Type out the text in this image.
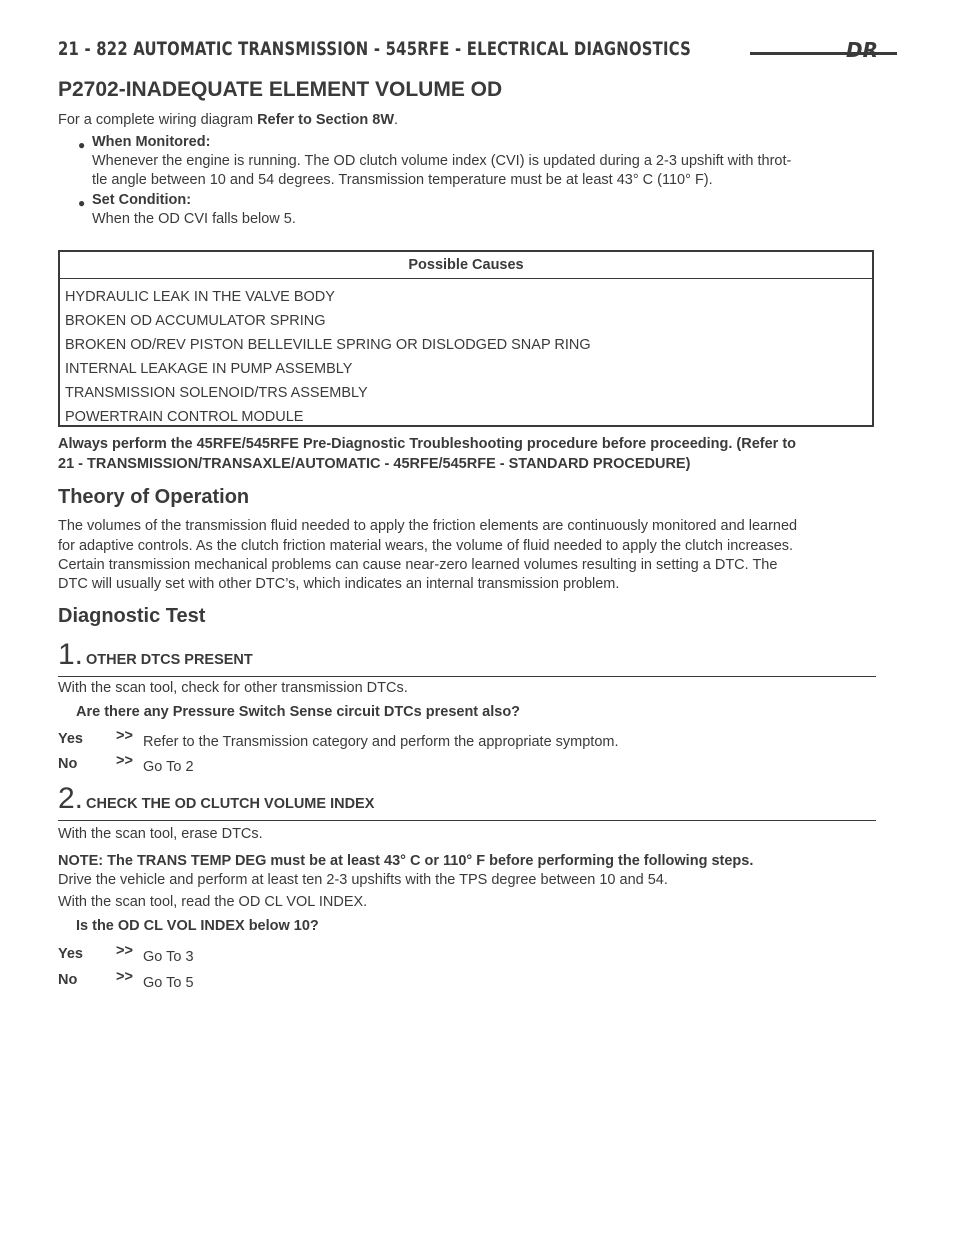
21 - 822 AUTOMATIC TRANSMISSION - 545RFE - ELECTRICAL DIAGNOSTICS	DR
P2702-INADEQUATE ELEMENT VOLUME OD
For a complete wiring diagram Refer to Section 8W.
● When Monitored:
Whenever the engine is running. The OD clutch volume index (CVI) is updated during a 2-3 upshift with throt-
tle angle between 10 and 54 degrees. Transmission temperature must be at least 43° C (110° F).
● Set Condition:
When the OD CVI falls below 5.
Possible Causes
HYDRAULIC LEAK IN THE VALVE BODY
BROKEN OD ACCUMULATOR SPRING
BROKEN OD/REV PISTON BELLEVILLE SPRING OR DISLODGED SNAP RING
INTERNAL LEAKAGE IN PUMP ASSEMBLY
TRANSMISSION SOLENOID/TRS ASSEMBLY
POWERTRAIN CONTROL MODULE
Always perform the 45RFE/545RFE Pre-Diagnostic Troubleshooting procedure before proceeding. (Refer to
21 - TRANSMISSION/TRANSAXLE/AUTOMATIC - 45RFE/545RFE - STANDARD PROCEDURE)
Theory of Operation
The volumes of the transmission fluid needed to apply the friction elements are continuously monitored and learned
for adaptive controls. As the clutch friction material wears, the volume of fluid needed to apply the clutch increases.
Certain transmission mechanical problems can cause near-zero learned volumes resulting in setting a DTC. The
DTC will usually set with other DTC’s, which indicates an internal transmission problem.
Diagnostic Test
1. OTHER DTCS PRESENT
With the scan tool, check for other transmission DTCs.
Are there any Pressure Switch Sense circuit DTCs present also?
Yes >> Refer to the Transmission category and perform the appropriate symptom.
No	>> Go To 2
2. CHECK THE OD CLUTCH VOLUME INDEX
With the scan tool, erase DTCs.
NOTE: The TRANS TEMP DEG must be at least 43° C or 110° F before performing the following steps.
Drive the vehicle and perform at least ten 2-3 upshifts with the TPS degree between 10 and 54.
With the scan tool, read the OD CL VOL INDEX.
Is the OD CL VOL INDEX below 10?
Yes >> Go To 3
No	>> Go To 5
